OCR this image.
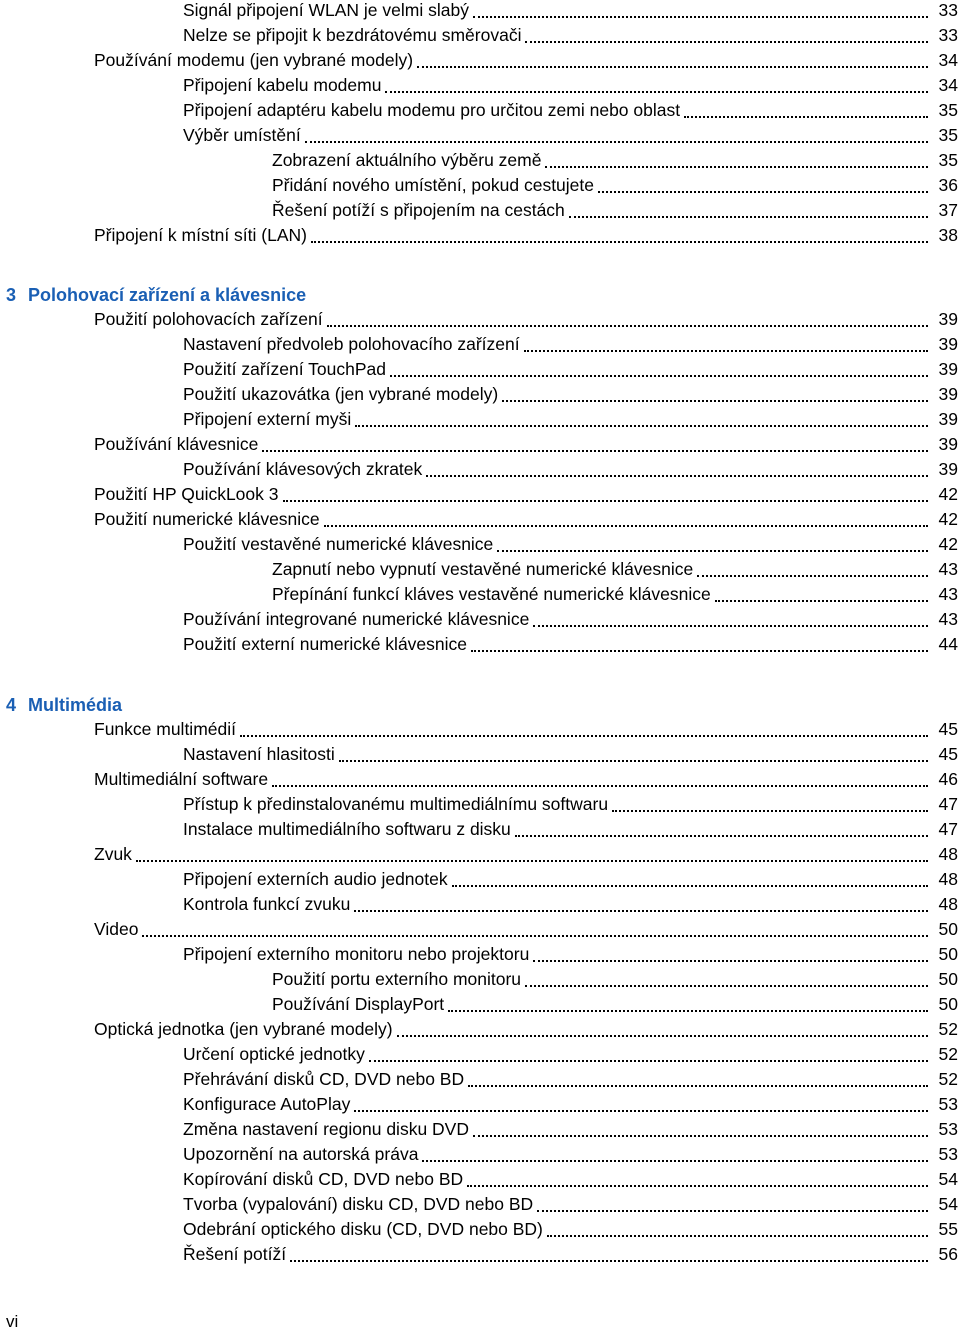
Signál připojení WLAN je velmi slabý	33
Nelze se připojit k bezdrátovému směrovači	33
Používání modemu (jen vybrané modely)	34
Připojení kabelu modemu	34
Připojení adaptéru kabelu modemu pro určitou zemi nebo oblast	35
Výběr umístění	35
Zobrazení aktuálního výběru země	35
Přidání nového umístění, pokud cestujete	36
Řešení potíží s připojením na cestách	37
Připojení k místní síti (LAN)	38
3 Polohovací zařízení a klávesnice
Použití polohovacích zařízení	39
Nastavení předvoleb polohovacího zařízení	39
Použití zařízení TouchPad	39
Použití ukazovátka (jen vybrané modely)	39
Připojení externí myši	39
Používání klávesnice	39
Používání klávesových zkratek	39
Použití HP QuickLook 3	42
Použití numerické klávesnice	42
Použití vestavěné numerické klávesnice	42
Zapnutí nebo vypnutí vestavěné numerické klávesnice	43
Přepínání funkcí kláves vestavěné numerické klávesnice	43
Používání integrované numerické klávesnice	43
Použití externí numerické klávesnice	44
4 Multimédia
Funkce multimédií	45
Nastavení hlasitosti	45
Multimediální software	46
Přístup k předinstalovanému multimediálnímu softwaru	47
Instalace multimediálního softwaru z disku	47
Zvuk	48
Připojení externích audio jednotek	48
Kontrola funkcí zvuku	48
Video	50
Připojení externího monitoru nebo projektoru	50
Použití portu externího monitoru	50
Používání DisplayPort	50
Optická jednotka (jen vybrané modely)	52
Určení optické jednotky	52
Přehrávání disků CD, DVD nebo BD	52
Konfigurace AutoPlay	53
Změna nastavení regionu disku DVD	53
Upozornění na autorská práva	53
Kopírování disků CD, DVD nebo BD	54
Tvorba (vypalování) disku CD, DVD nebo BD	54
Odebrání optického disku (CD, DVD nebo BD)	55
Řešení potíží	56
vi
